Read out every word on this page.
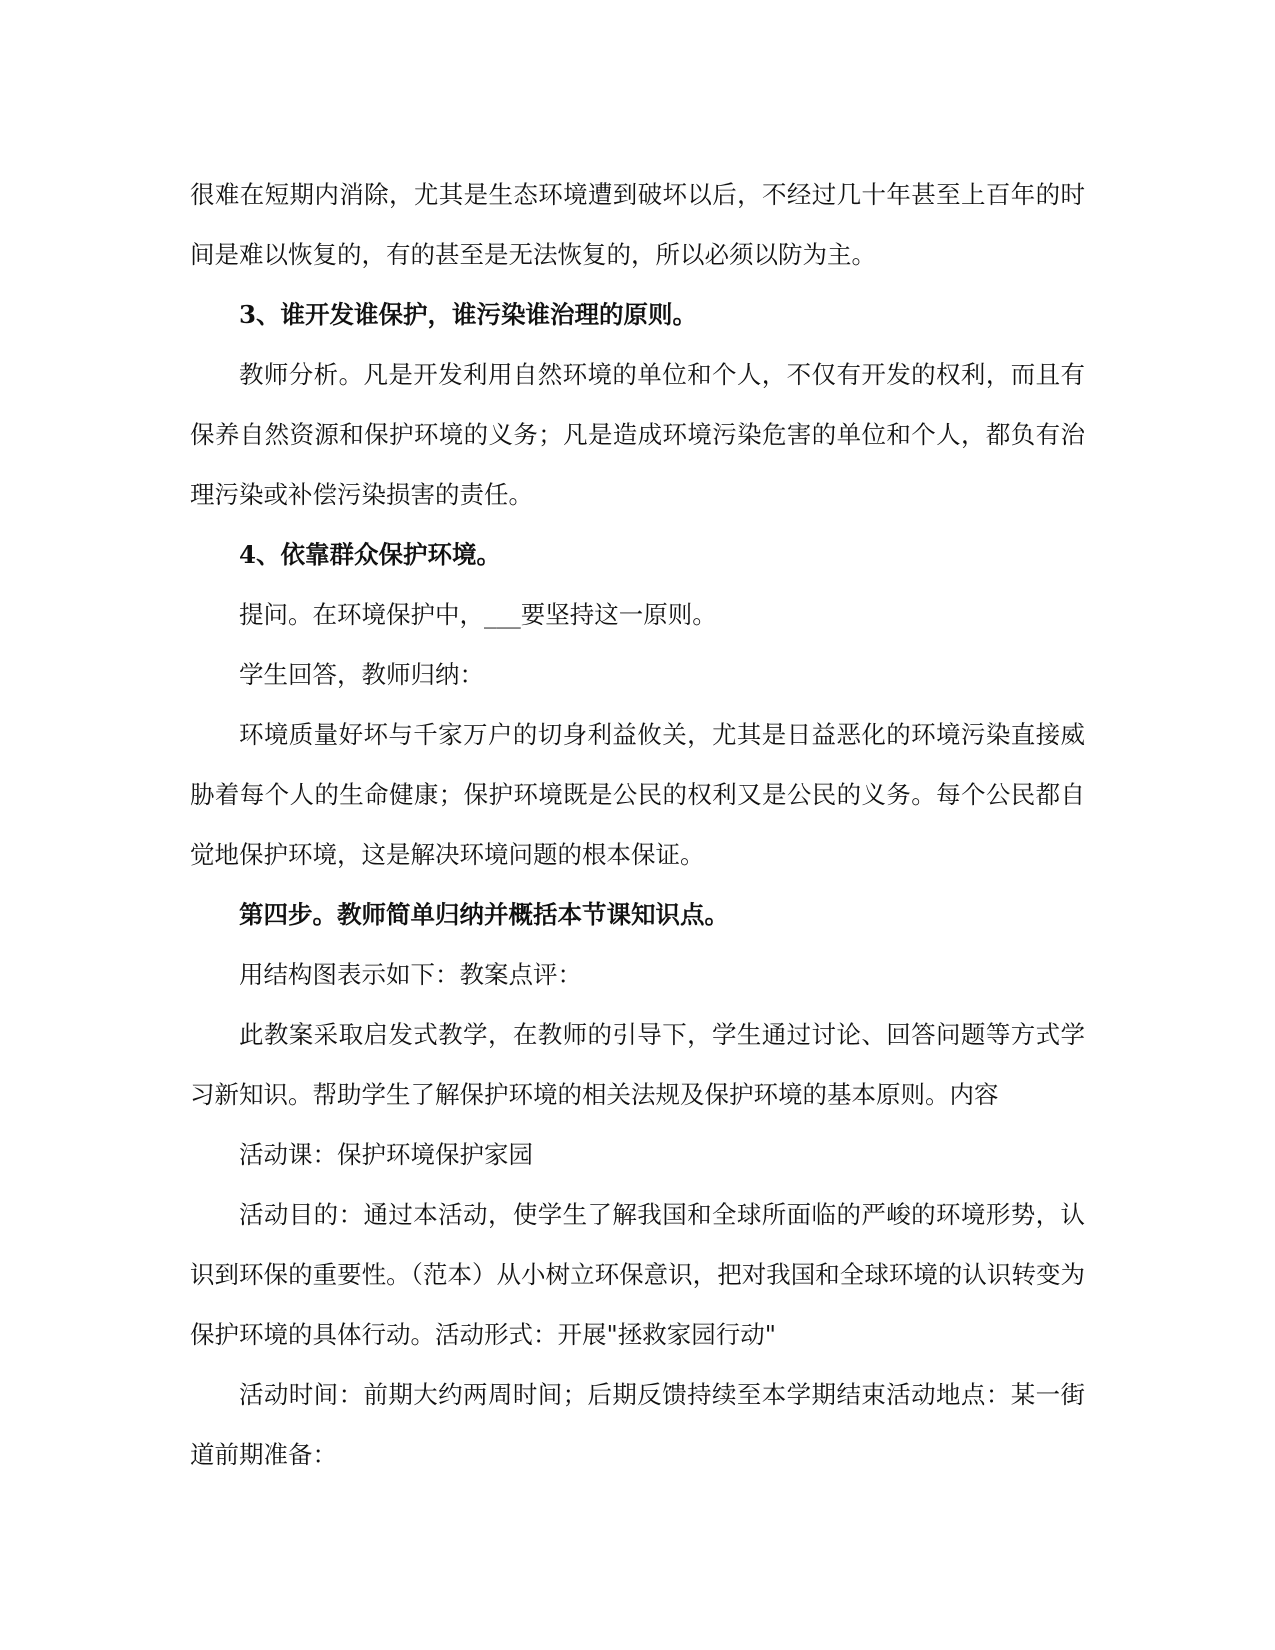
很难在短期内消除，尤其是生态环境遭到破坏以后，不经过几十年甚至上百年的时间是难以恢复的，有的甚至是无法恢复的，所以必须以防为主。

3、谁开发谁保护，谁污染谁治理的原则。

教师分析。凡是开发利用自然环境的单位和个人，不仅有开发的权利，而且有保养自然资源和保护环境的义务；凡是造成环境污染危害的单位和个人，都负有治理污染或补偿污染损害的责任。

4、依靠群众保护环境。

提问。在环境保护中，___要坚持这一原则。

学生回答，教师归纳：

环境质量好坏与千家万户的切身利益攸关，尤其是日益恶化的环境污染直接威胁着每个人的生命健康；保护环境既是公民的权利又是公民的义务。每个公民都自觉地保护环境，这是解决环境问题的根本保证。

第四步。教师简单归纳并概括本节课知识点。

用结构图表示如下：教案点评：

此教案采取启发式教学，在教师的引导下，学生通过讨论、回答问题等方式学习新知识。帮助学生了解保护环境的相关法规及保护环境的基本原则。内容

活动课：保护环境保护家园

活动目的：通过本活动，使学生了解我国和全球所面临的严峻的环境形势，认识到环保的重要性。（范本）从小树立环保意识，把对我国和全球环境的认识转变为保护环境的具体行动。活动形式：开展"拯救家园行动"

活动时间：前期大约两周时间；后期反馈持续至本学期结束活动地点：某一街道前期准备：
